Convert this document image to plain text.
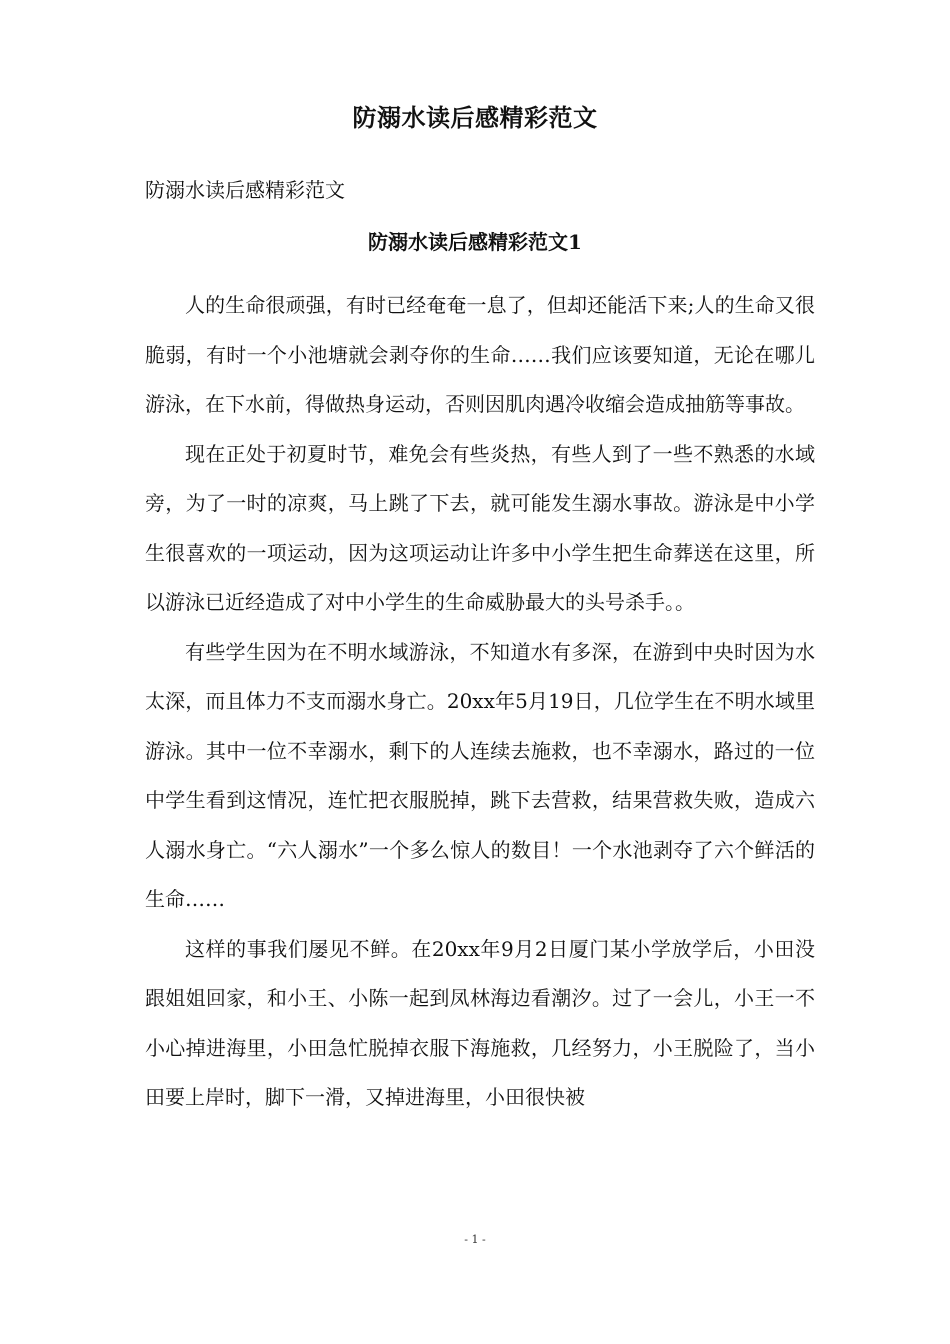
防溺水读后感精彩范文
防溺水读后感精彩范文
防溺水读后感精彩范文1

人的生命很顽强，有时已经奄奄一息了，但却还能活下来;人的生命又很脆弱，有时一个小池塘就会剥夺你的生命……我们应该要知道，无论在哪儿游泳，在下水前，得做热身运动，否则因肌肉遇冷收缩会造成抽筋等事故。

现在正处于初夏时节，难免会有些炎热，有些人到了一些不熟悉的水域旁，为了一时的凉爽，马上跳了下去，就可能发生溺水事故。游泳是中小学生很喜欢的一项运动，因为这项运动让许多中小学生把生命葬送在这里，所以游泳已近经造成了对中小学生的生命威胁最大的头号杀手。。

有些学生因为在不明水域游泳，不知道水有多深，在游到中央时因为水太深，而且体力不支而溺水身亡。20xx年5月19日，几位学生在不明水域里游泳。其中一位不幸溺水，剩下的人连续去施救，也不幸溺水，路过的一位中学生看到这情况，连忙把衣服脱掉，跳下去营救，结果营救失败，造成六人溺水身亡。“六人溺水”一个多么惊人的数目！一个水池剥夺了六个鲜活的生命……

这样的事我们屡见不鲜。在20xx年9月2日厦门某小学放学后，小田没跟姐姐回家，和小王、小陈一起到凤林海边看潮汐。过了一会儿，小王一不小心掉进海里，小田急忙脱掉衣服下海施救，几经努力，小王脱险了，当小田要上岸时，脚下一滑，又掉进海里，小田很快被

- 1 -
